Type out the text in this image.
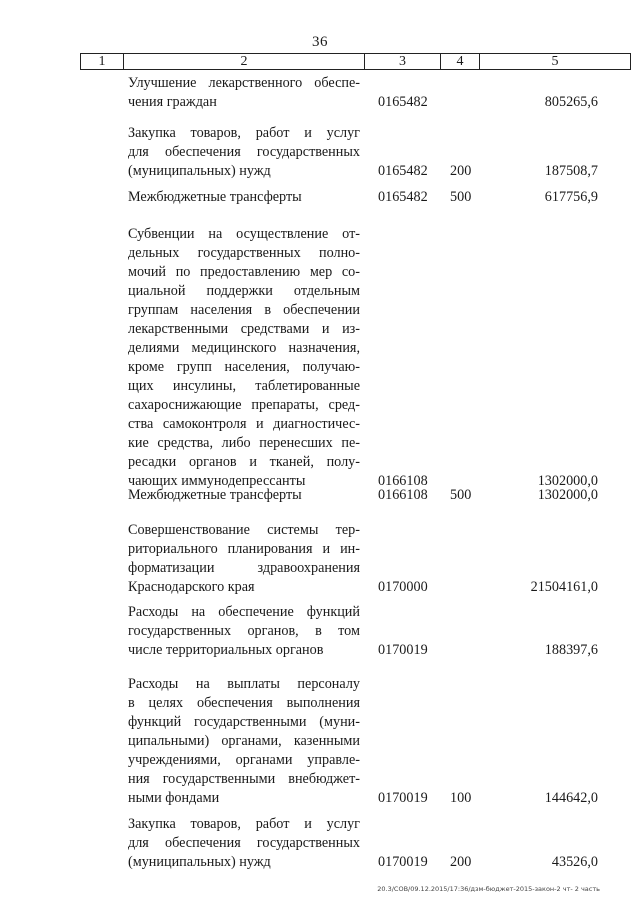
36
1	2	3	4	5
Улучшение лекарственного обеспе-
чения граждан	0165482	805265,6
Закупка товаров, работ и услуг
для обеспечения государственных
(муниципальных) нужд	0165482 200	187508,7
Межбюджетные трансферты	0165482 500	617756,9
Субвенции на осуществление от-
дельных государственных полно-
мочий по предоставлению мер со-
циальной поддержки отдельным
группам населения в обеспечении
лекарственными средствами и из-
делиями медицинского назначения,
кроме групп населения, получаю-
щих инсулины, таблетированные
сахароснижающие препараты, сред-
ства самоконтроля и диагностичес-
кие средства, либо перенесших пе-
ресадки органов и тканей, полу-
чающих иммунодепрессанты	0166108	1302000,0
Межбюджетные трансферты	0166108 500	1302000,0
Совершенствование системы тер-
риториального планирования и ин-
форматизации здравоохранения
Краснодарского края	0170000	21504161,0
Расходы на обеспечение функций
государственных органов, в том
числе территориальных органов	0170019	188397,6
Расходы на выплаты персоналу
в целях обеспечения выполнения
функций государственными (муни-
ципальными) органами, казенными
учреждениями, органами управле-
ния государственными внебюджет-
ными фондами	0170019 100	144642,0
Закупка товаров, работ и услуг
для обеспечения государственных
(муниципальных) нужд	0170019 200	43526,0
20.3/СОВ/09.12.2015/17:36/дзм-бюджет-2015-закон-2 чт- 2 часть
